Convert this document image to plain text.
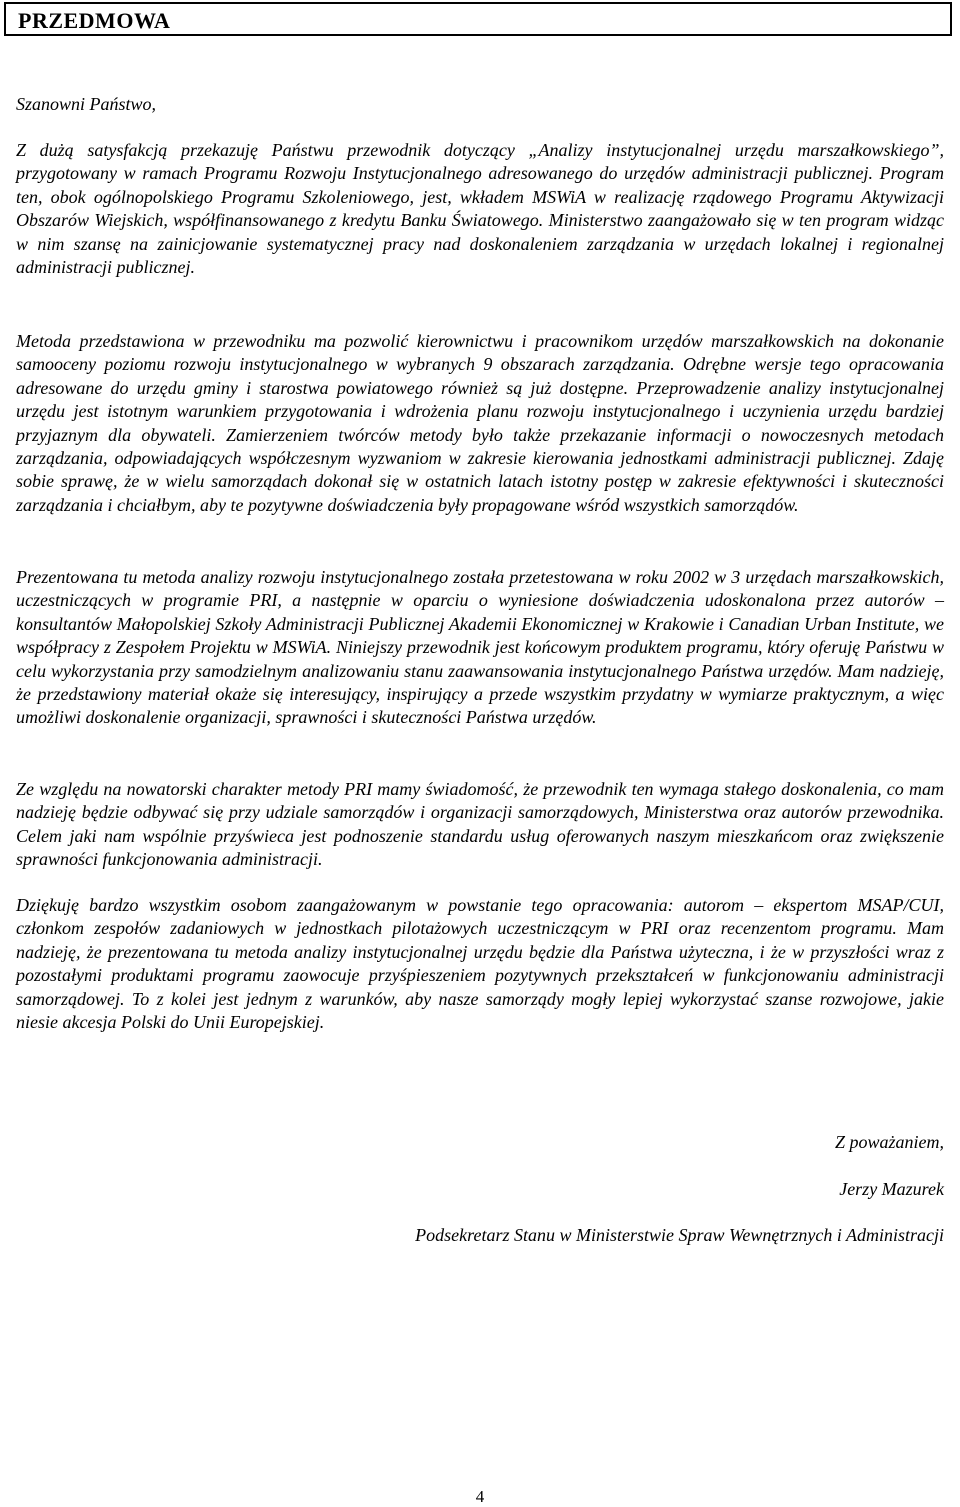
PRZEDMOWA
Szanowni Państwo,

Z dużą satysfakcją przekazuję Państwu przewodnik dotyczący „Analizy instytucjonalnej urzędu marszałkowskiego”, przygotowany w ramach Programu Rozwoju Instytucjonalnego adresowanego do urzędów administracji publicznej. Program ten, obok ogólnopolskiego Programu Szkoleniowego, jest, wkładem MSWiA w realizację rządowego Programu Aktywizacji Obszarów Wiejskich, współfinansowanego z kredytu Banku Światowego. Ministerstwo zaangażowało się w ten program widząc w nim szansę na zainicjowanie systematycznej pracy nad doskonaleniem zarządzania w urzędach lokalnej i regionalnej administracji publicznej.

Metoda przedstawiona w przewodniku ma pozwolić kierownictwu i pracownikom urzędów marszałkowskich na dokonanie samooceny poziomu rozwoju instytucjonalnego w wybranych 9 obszarach zarządzania. Odrębne wersje tego opracowania adresowane do urzędu gminy i starostwa powiatowego również są już dostępne. Przeprowadzenie analizy instytucjonalnej urzędu jest istotnym warunkiem przygotowania i wdrożenia planu rozwoju instytucjonalnego i uczynienia urzędu bardziej przyjaznym dla obywateli. Zamierzeniem twórców metody było także przekazanie informacji o nowoczesnych metodach zarządzania, odpowiadających współczesnym wyzwaniom w zakresie kierowania jednostkami administracji publicznej. Zdaję sobie sprawę, że w wielu samorządach dokonał się w ostatnich latach istotny postęp w zakresie efektywności i skuteczności zarządzania i chciałbym, aby te pozytywne doświadczenia były propagowane wśród wszystkich samorządów.

Prezentowana tu metoda analizy rozwoju instytucjonalnego została przetestowana w roku 2002 w 3 urzędach marszałkowskich, uczestniczących w programie PRI, a następnie w oparciu o wyniesione doświadczenia udoskonalona przez autorów – konsultantów Małopolskiej Szkoły Administracji Publicznej Akademii Ekonomicznej w Krakowie i Canadian Urban Institute, we współpracy z Zespołem Projektu w MSWiA. Niniejszy przewodnik jest końcowym produktem programu, który oferuję Państwu w celu wykorzystania przy samodzielnym analizowaniu stanu zaawansowania instytucjonalnego Państwa urzędów. Mam nadzieję, że przedstawiony materiał okaże się interesujący, inspirujący a przede wszystkim przydatny w wymiarze praktycznym, a więc umożliwi doskonalenie organizacji, sprawności i skuteczności Państwa urzędów.

Ze względu na nowatorski charakter metody PRI mamy świadomość, że przewodnik ten wymaga stałego doskonalenia, co mam nadzieję będzie odbywać się przy udziale samorządów i organizacji samorządowych, Ministerstwa oraz autorów przewodnika. Celem jaki nam wspólnie przyświeca jest podnoszenie standardu usług oferowanych naszym mieszkańcom oraz zwiększenie sprawności funkcjonowania administracji.

Dziękuję bardzo wszystkim osobom zaangażowanym w powstanie tego opracowania: autorom – ekspertom MSAP/CUI, członkom zespołów zadaniowych w jednostkach pilotażowych uczestniczącym w PRI oraz recenzentom programu. Mam nadzieję, że prezentowana tu metoda analizy instytucjonalnej urzędu będzie dla Państwa użyteczna, i że w przyszłości wraz z pozostałymi produktami programu zaowocuje przyśpieszeniem pozytywnych przekształceń w funkcjonowaniu administracji samorządowej. To z kolei jest jednym z warunków, aby nasze samorządy mogły lepiej wykorzystać szanse rozwojowe, jakie niesie akcesja Polski do Unii Europejskiej.

Z poważaniem,
Jerzy Mazurek
Podsekretarz Stanu w Ministerstwie Spraw Wewnętrznych i Administracji
4
